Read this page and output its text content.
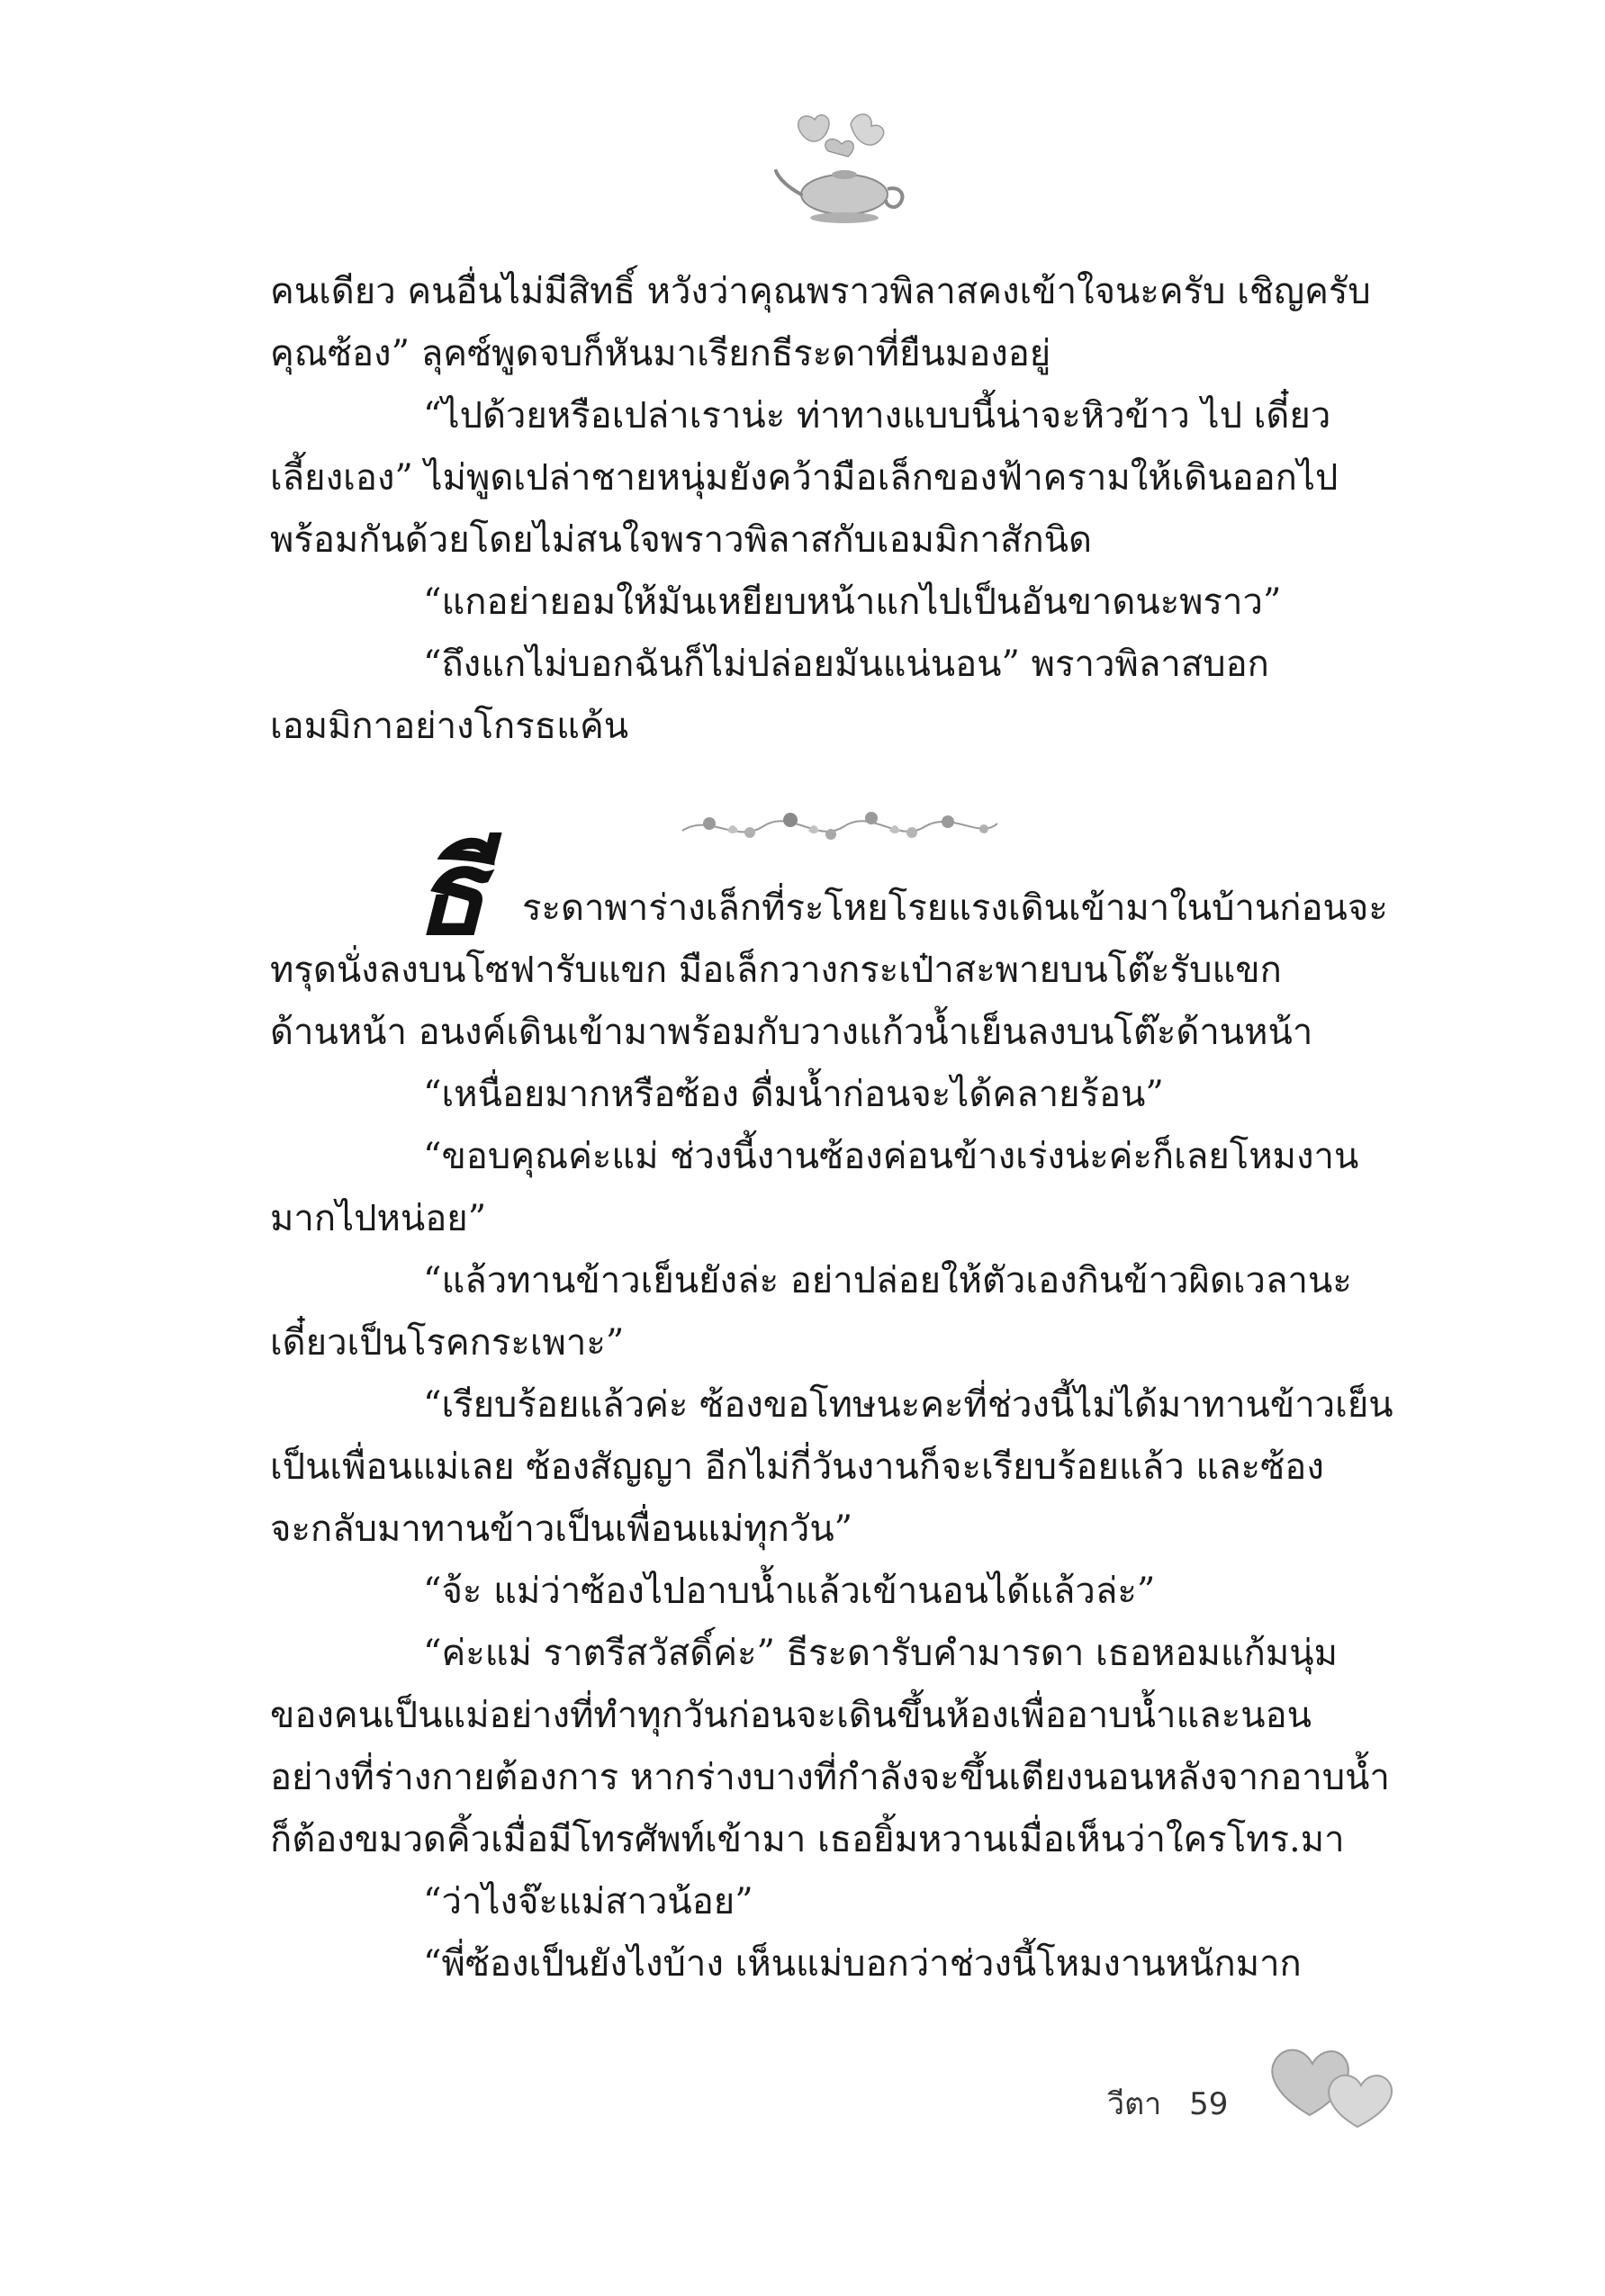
คนเดียว คนอื่นไม่มีสิทธิ์ หวังว่าคุณพราวพิลาสคงเข้าใจนะครับ เชิญครับ
คุณซ้อง” ลุคซ์พูดจบก็หันมาเรียกธีระดาที่ยืนมองอยู่
“ไปด้วยหรือเปล่าเราน่ะ ท่าทางแบบนี้น่าจะหิวข้าว ไป เดี๋ยว
เลี้ยงเอง” ไม่พูดเปล่าชายหนุ่มยังคว้ามือเล็กของฟ้าครามให้เดินออกไป
พร้อมกันด้วยโดยไม่สนใจพราวพิลาสกับเอมมิกาสักนิด
“แกอย่ายอมให้มันเหยียบหน้าแกไปเป็นอันขาดนะพราว”
“ถึงแกไม่บอกฉันก็ไม่ปล่อยมันแน่นอน” พราวพิลาสบอก
เอมมิกาอย่างโกรธแค้น
ธี ระดาพาร่างเล็กที่ระโหยโรยแรงเดินเข้ามาในบ้านก่อนจะ
ทรุดนั่งลงบนโซฟารับแขก มือเล็กวางกระเป๋าสะพายบนโต๊ะรับแขก
ด้านหน้า อนงค์เดินเข้ามาพร้อมกับวางแก้วน้ำเย็นลงบนโต๊ะด้านหน้า
“เหนื่อยมากหรือซ้อง ดื่มน้ำก่อนจะได้คลายร้อน”
“ขอบคุณค่ะแม่ ช่วงนี้งานซ้องค่อนข้างเร่งน่ะค่ะก็เลยโหมงาน
มากไปหน่อย”
“แล้วทานข้าวเย็นยังล่ะ อย่าปล่อยให้ตัวเองกินข้าวผิดเวลานะ
เดี๋ยวเป็นโรคกระเพาะ”
“เรียบร้อยแล้วค่ะ ซ้องขอโทษนะคะที่ช่วงนี้ไม่ได้มาทานข้าวเย็น
เป็นเพื่อนแม่เลย ซ้องสัญญา อีกไม่กี่วันงานก็จะเรียบร้อยแล้ว และซ้อง
จะกลับมาทานข้าวเป็นเพื่อนแม่ทุกวัน”
“จ้ะ แม่ว่าซ้องไปอาบน้ำแล้วเข้านอนได้แล้วล่ะ”
“ค่ะแม่ ราตรีสวัสดิ์ค่ะ” ธีระดารับคำมารดา เธอหอมแก้มนุ่ม
ของคนเป็นแม่อย่างที่ทำทุกวันก่อนจะเดินขึ้นห้องเพื่ออาบน้ำและนอน
อย่างที่ร่างกายต้องการ หากร่างบางที่กำลังจะขึ้นเตียงนอนหลังจากอาบน้ำ
ก็ต้องขมวดคิ้วเมื่อมีโทรศัพท์เข้ามา เธอยิ้มหวานเมื่อเห็นว่าใครโทร.มา
“ว่าไงจ๊ะแม่สาวน้อย”
“พี่ซ้องเป็นยังไงบ้าง เห็นแม่บอกว่าช่วงนี้โหมงานหนักมาก
วีตา 59
